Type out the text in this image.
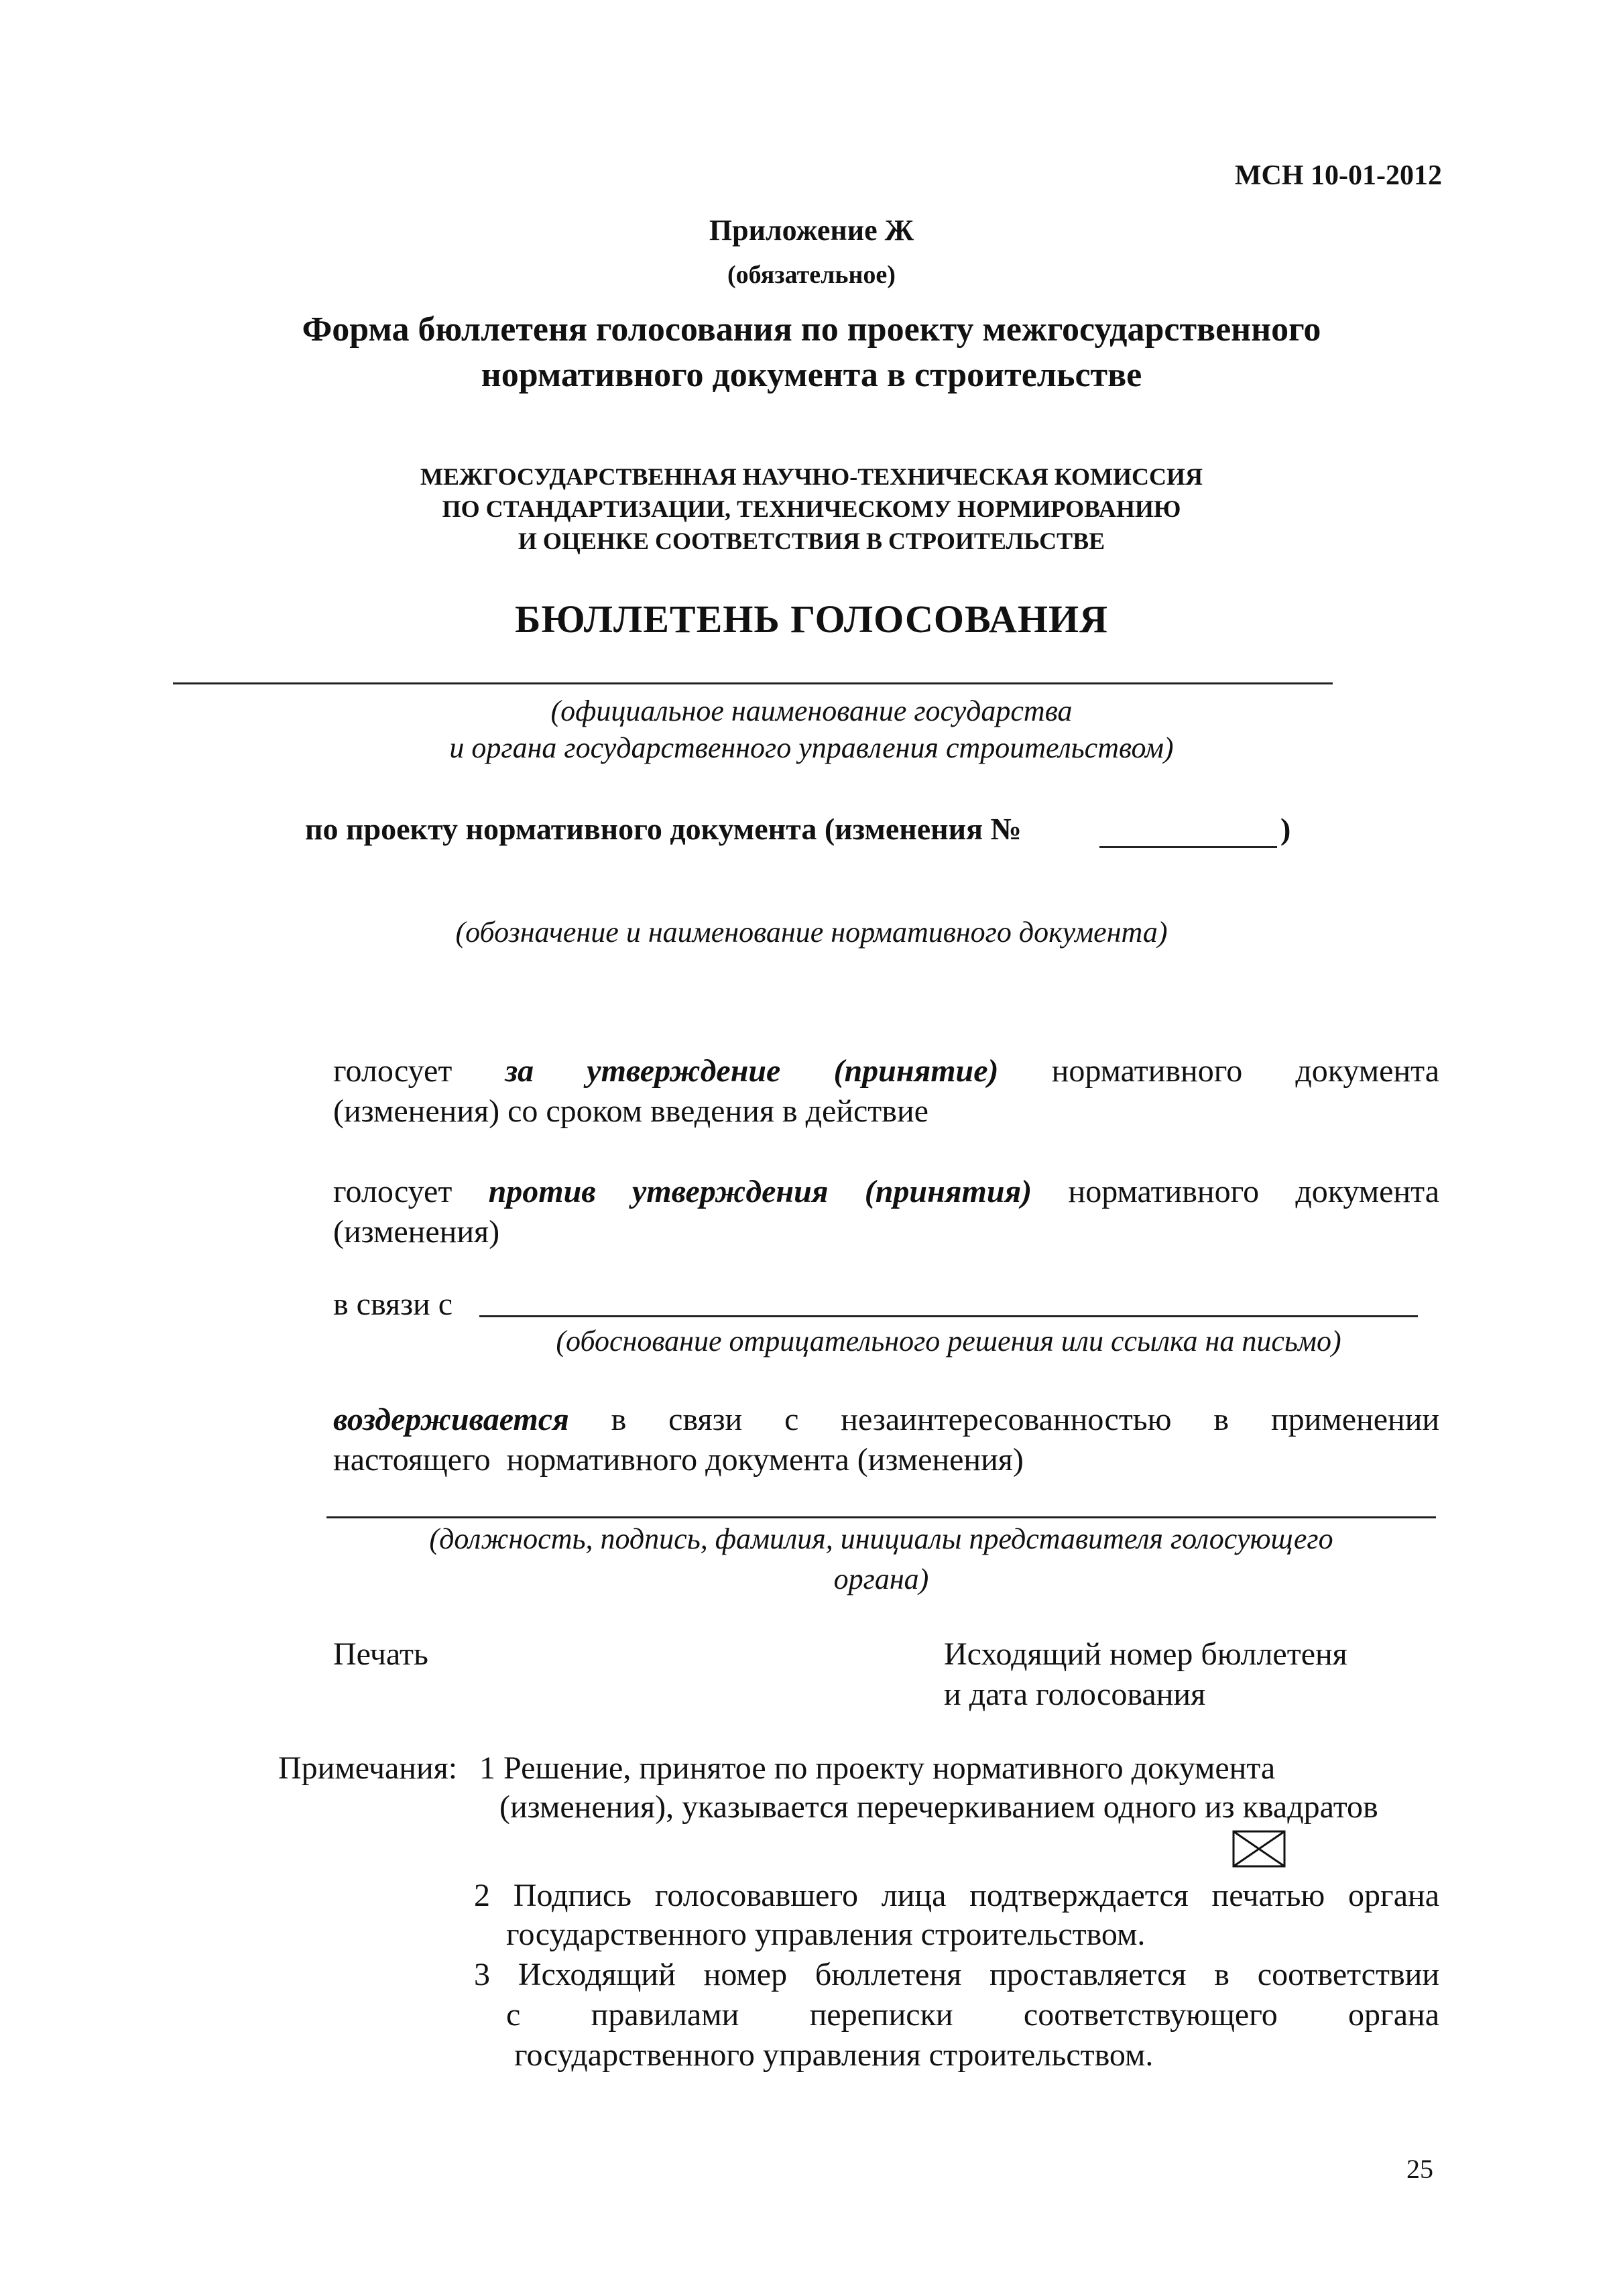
МСН 10-01-2012

Приложение Ж

(обязательное)

Форма бюллетеня голосования по проекту межгосударственного

нормативного документа в строительстве

МЕЖГОСУДАРСТВЕННАЯ НАУЧНО-ТЕХНИЧЕСКАЯ КОМИССИЯ

ПО СТАНДАРТИЗАЦИИ, ТЕХНИЧЕСКОМУ НОРМИРОВАНИЮ

И ОЦЕНКЕ СООТВЕТСТВИЯ В СТРОИТЕЛЬСТВЕ

БЮЛЛЕТЕНЬ ГОЛОСОВАНИЯ

(официальное наименование государства

и органа государственного управления строительством)

по проекту нормативного документа (изменения №	)

(обозначение и наименование нормативного документа)

голосует за утверждение (принятие) нормативного документа

(изменения) со сроком введения в действие

голосует против утверждения (принятия) нормативного документа

(изменения)

в связи с

(обоснование отрицательного решения или ссылка на письмо)

воздерживается в связи с незаинтересованностью в применении

настоящего  нормативного документа (изменения)

(должность, подпись, фамилия, инициалы представителя голосующего

органа)

Печать	Исходящий номер бюллетеня

и дата голосования

Примечания: 1 Решение, принятое по проекту нормативного документа

(изменения), указывается перечеркиванием одного из квадратов

2 Подпись голосовавшего лица подтверждается печатью органа

государственного управления строительством.

3 Исходящий номер бюллетеня проставляется в соответствии
с правилами переписки соответствующего органа

государственного управления строительством.

25
